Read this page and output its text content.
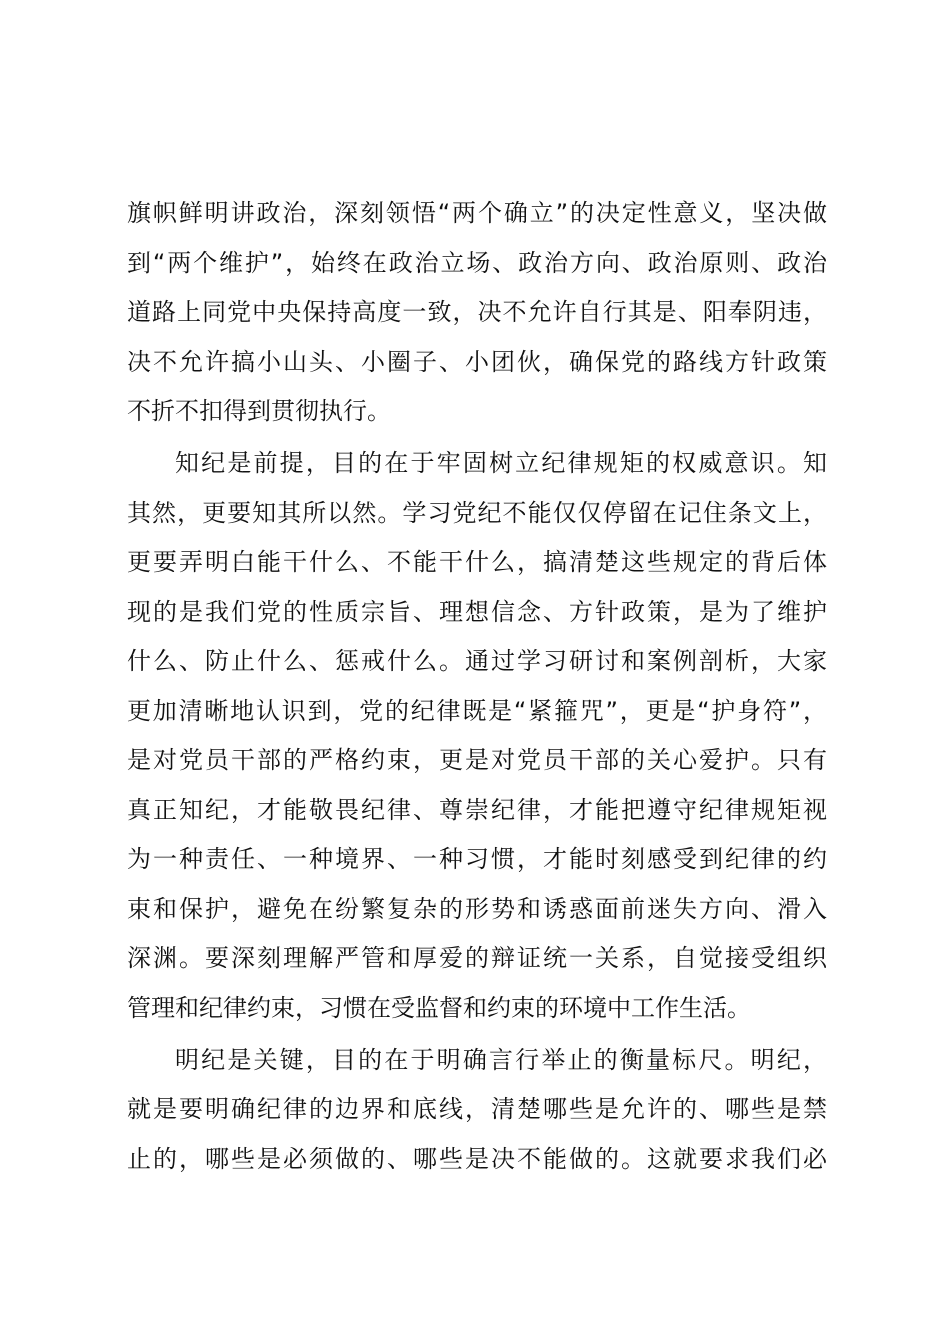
旗帜鲜明讲政治，深刻领悟“两个确立”的决定性意义，坚决做
到“两个维护”，始终在政治立场、政治方向、政治原则、政治
道路上同党中央保持高度一致，决不允许自行其是、阳奉阴违，
决不允许搞小山头、小圈子、小团伙，确保党的路线方针政策
不折不扣得到贯彻执行。
知纪是前提，目的在于牢固树立纪律规矩的权威意识。知
其然，更要知其所以然。学习党纪不能仅仅停留在记住条文上，
更要弄明白能干什么、不能干什么，搞清楚这些规定的背后体
现的是我们党的性质宗旨、理想信念、方针政策，是为了维护
什么、防止什么、惩戒什么。通过学习研讨和案例剖析，大家
更加清晰地认识到，党的纪律既是“紧箍咒”，更是“护身符”，
是对党员干部的严格约束，更是对党员干部的关心爱护。只有
真正知纪，才能敬畏纪律、尊崇纪律，才能把遵守纪律规矩视
为一种责任、一种境界、一种习惯，才能时刻感受到纪律的约
束和保护，避免在纷繁复杂的形势和诱惑面前迷失方向、滑入
深渊。要深刻理解严管和厚爱的辩证统一关系，自觉接受组织
管理和纪律约束，习惯在受监督和约束的环境中工作生活。
明纪是关键，目的在于明确言行举止的衡量标尺。明纪，
就是要明确纪律的边界和底线，清楚哪些是允许的、哪些是禁
止的，哪些是必须做的、哪些是决不能做的。这就要求我们必
